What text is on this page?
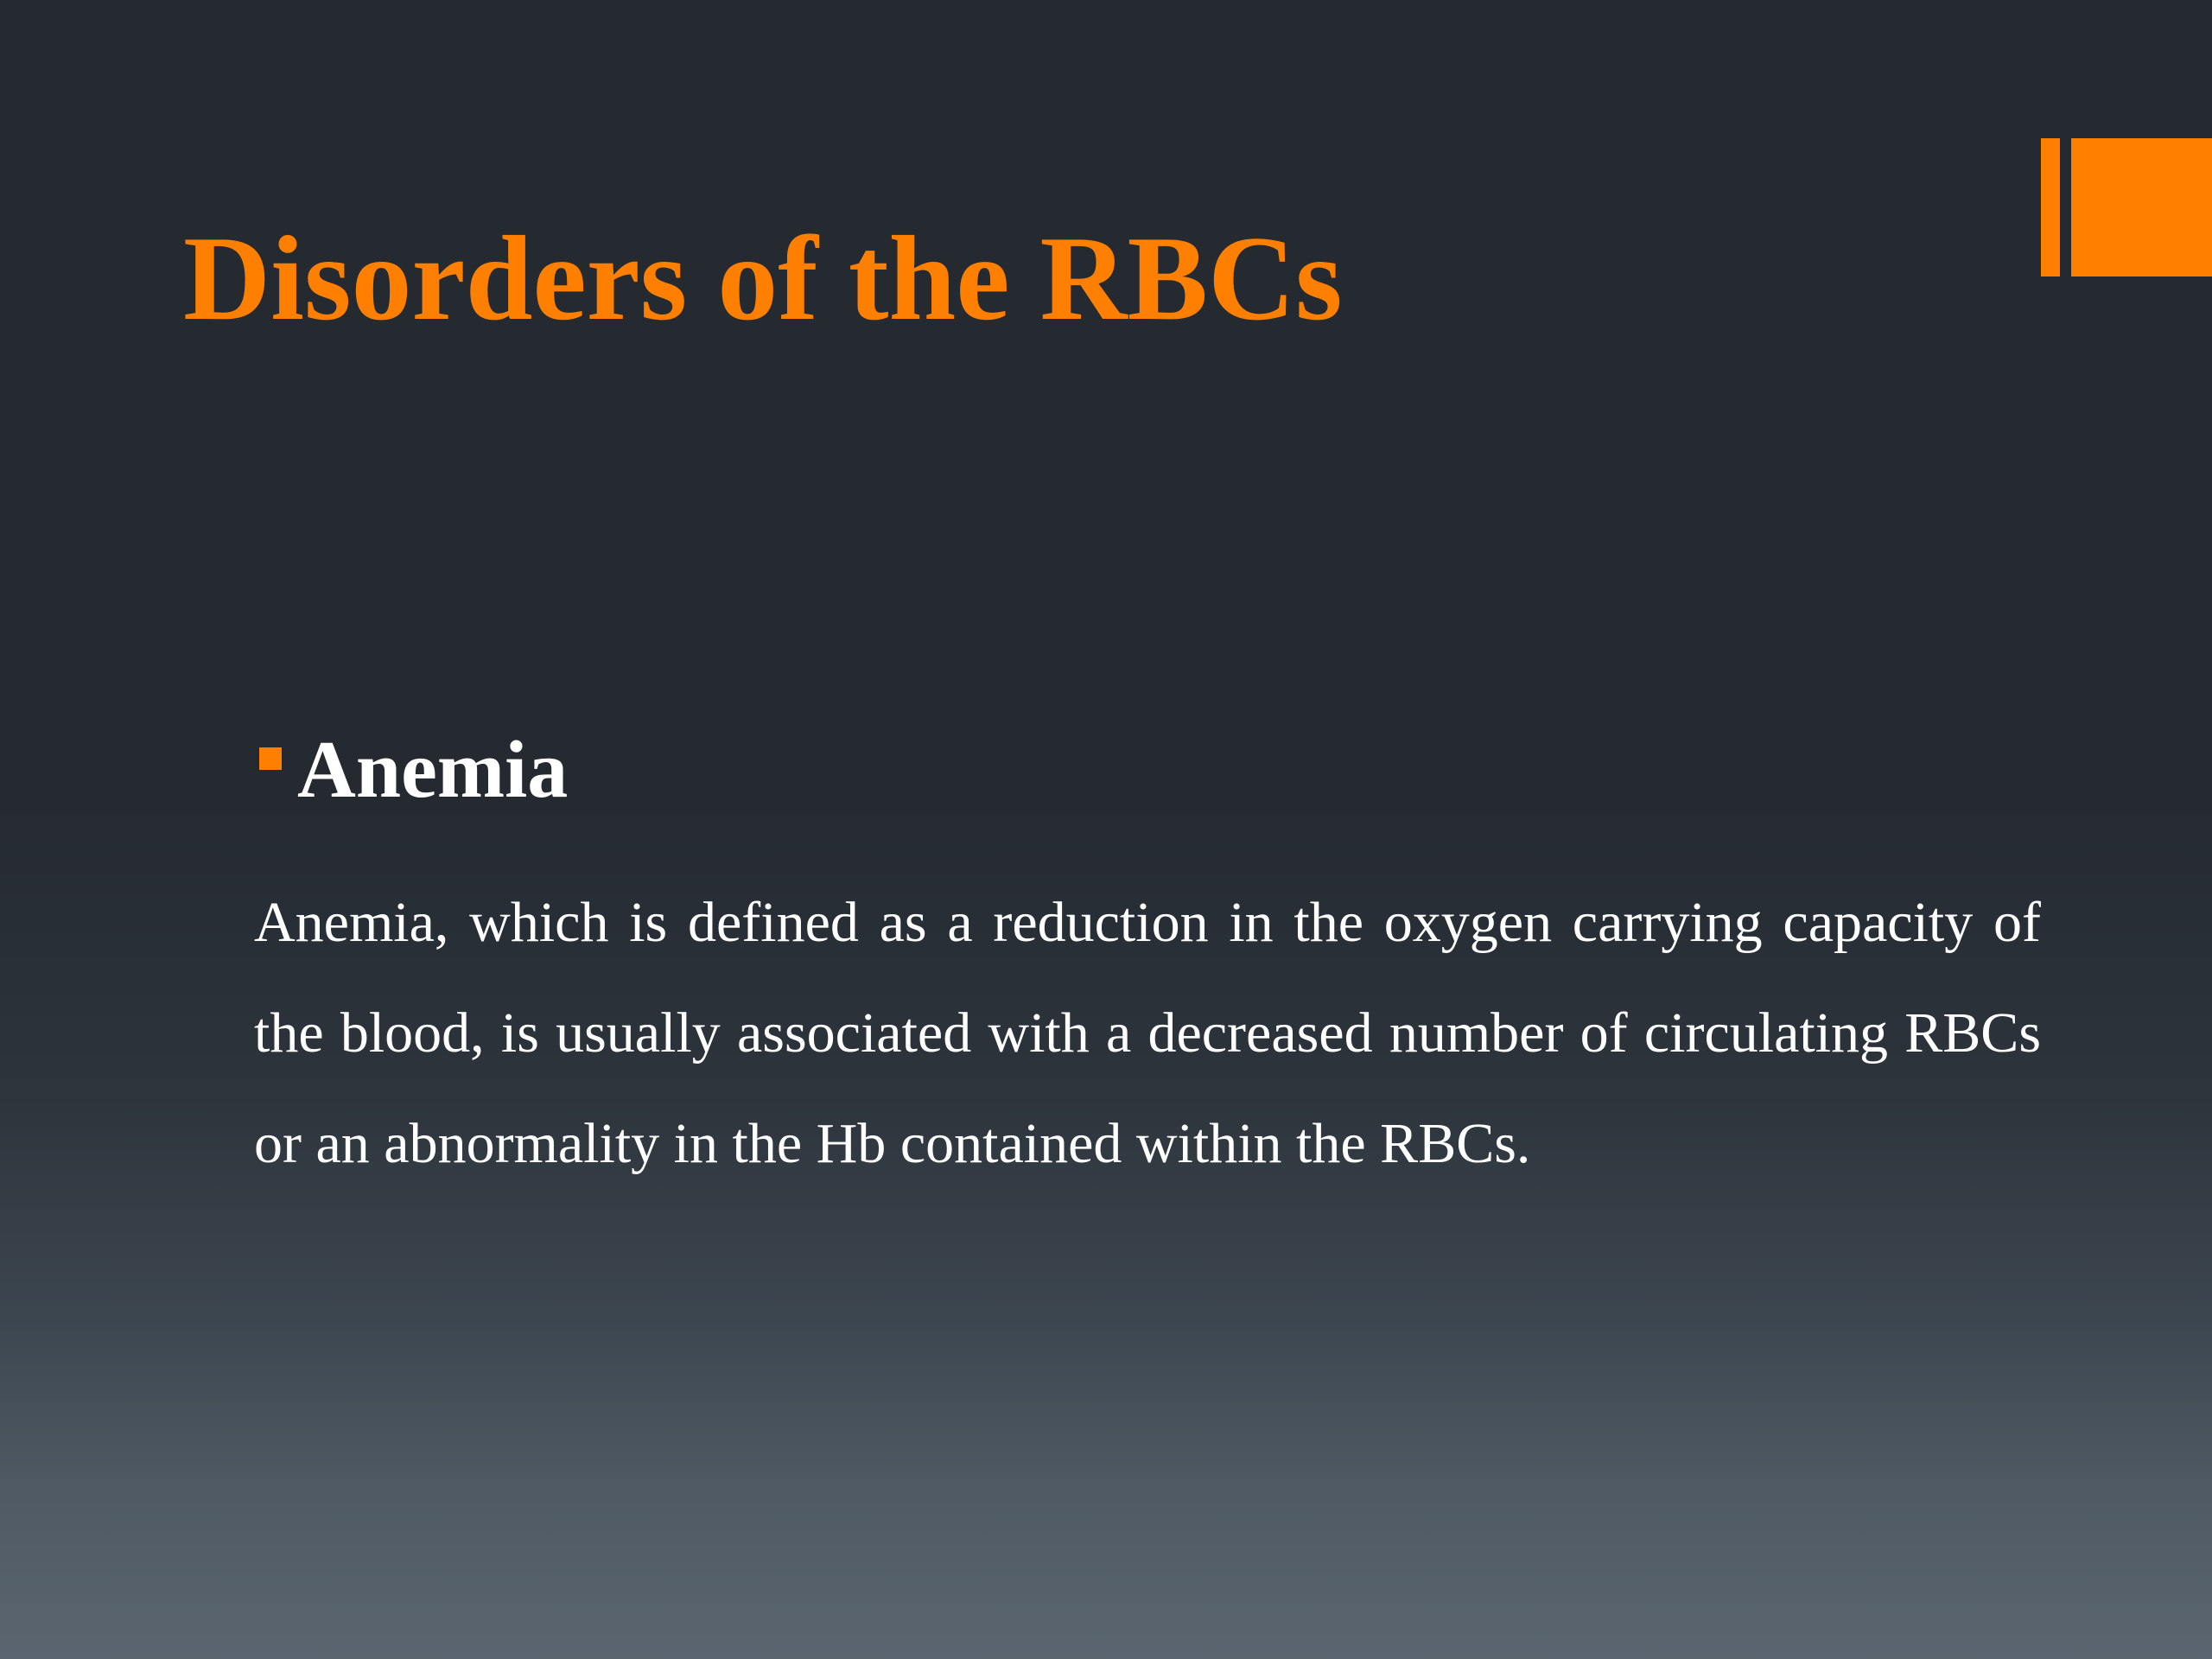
Disorders of the RBCs
Anemia

Anemia, which is defined as a reduction in the oxygen carrying capacity of the blood, is usually associated with a decreased number of circulating RBCs or an abnormality in the Hb contained within the RBCs.
